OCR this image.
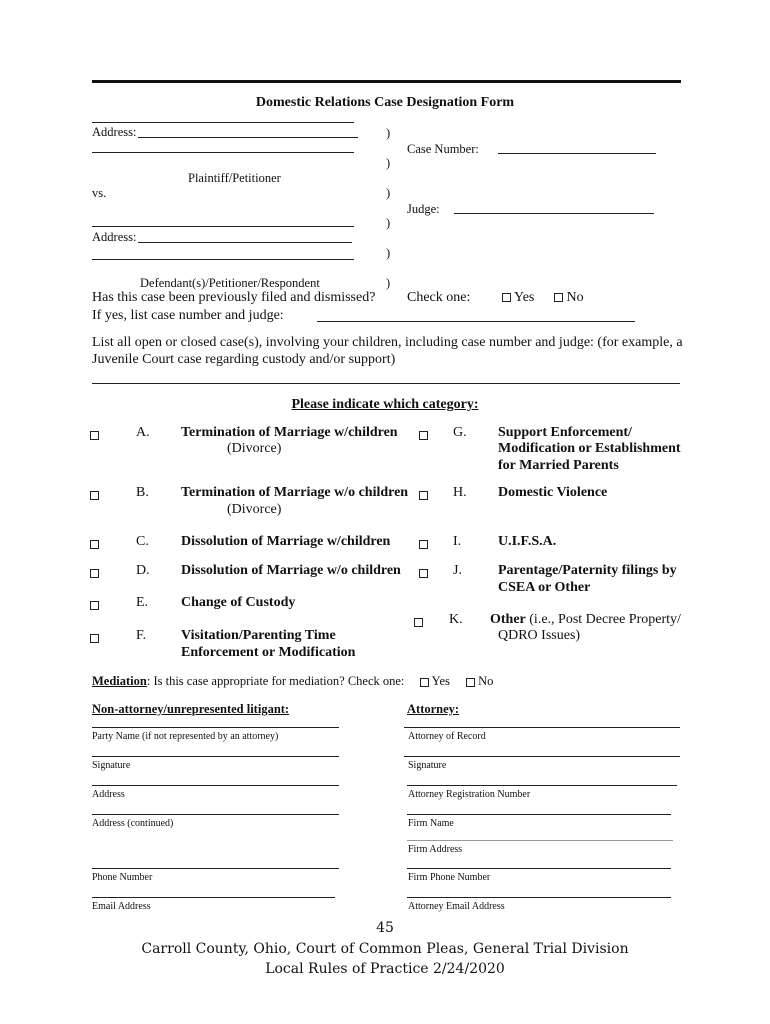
Domestic Relations Case Designation Form
Address:
Plaintiff/Petitioner
vs.
Address:
Defendant(s)/Petitioner/Respondent
)
)
)
)
)
)
Case Number:
Judge:
Has this case been previously filed and dismissed? Check one:	Yes	No
If yes, list case number and judge:
List all open or closed case(s), involving your children, including case number and judge: (for example, a Juvenile Court case regarding custody and/or support)
Please indicate which category:
A. Termination of Marriage w/children
(Divorce)
B. Termination of Marriage w/o children
(Divorce)
C. Dissolution of Marriage w/children
D. Dissolution of Marriage w/o children
E. Change of Custody
F. Visitation/Parenting Time
Enforcement or Modification
G. Support Enforcement/
Modification or Establishment
for Married Parents
H. Domestic Violence
I.	U.I.F.S.A.
J.	Parentage/Paternity filings by
CSEA or Other
K. Other (i.e., Post Decree Property/
QDRO Issues)
Mediation: Is this case appropriate for mediation? Check one:	Yes	No
Non-attorney/unrepresented litigant:	Attorney:
Party Name (if not represented by an attorney)
Signature
Address
Address (continued)
Phone Number
Email Address
Attorney of Record
Signature
Attorney Registration Number
Firm Name
Firm Address
Firm Phone Number
Attorney Email Address
45
Carroll County, Ohio, Court of Common Pleas, General Trial Division
Local Rules of Practice 2/24/2020
